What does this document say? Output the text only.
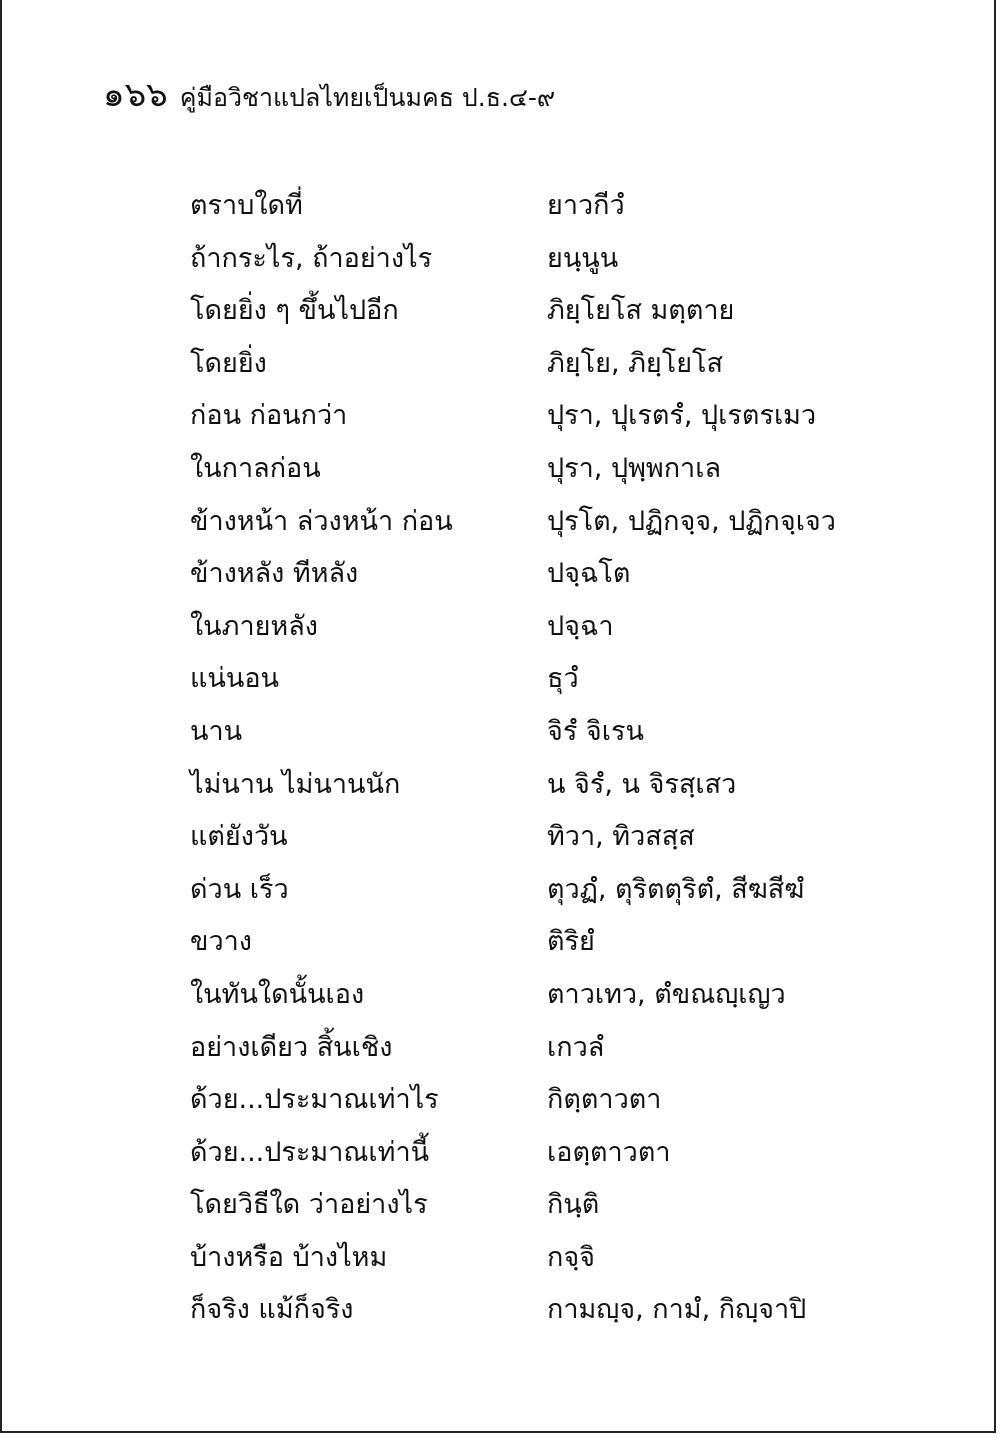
๑๖๖ คู่มือวิชาแปลไทยเป็นมคธ ป.ธ.๔-๙
ตราบใดที่	ยาวกีวํ
ถ้ากระไร, ถ้าอย่างไร	ยนฺนูน
โดยยิ่ง ๆ ขึ้นไปอีก	ภิยฺโยโส มตฺตาย
โดยยิ่ง	ภิยฺโย, ภิยฺโยโส
ก่อน ก่อนกว่า	ปุรา, ปุเรตรํ, ปุเรตรเมว
ในกาลก่อน	ปุรา, ปุพฺพกาเล
ข้างหน้า ล่วงหน้า ก่อน	ปุรโต, ปฏิกจฺจ, ปฏิกจฺเจว
ข้างหลัง ทีหลัง	ปจฺฉโต
ในภายหลัง	ปจฺฉา
แน่นอน	ธุวํ
นาน	จิรํ จิเรน
ไม่นาน ไม่นานนัก	น จิรํ, น จิรสฺเสว
แต่ยังวัน	ทิวา, ทิวสสฺส
ด่วน เร็ว	ตุวฏํ, ตุริตตุริตํ, สีฆสีฆํ
ขวาง	ติริยํ
ในทันใดนั้นเอง	ตาวเทว, ตํขณญฺเญว
อย่างเดียว สิ้นเชิง	เกวลํ
ด้วย...ประมาณเท่าไร	กิตฺตาวตา
ด้วย...ประมาณเท่านี้	เอตฺตาวตา
โดยวิธีใด ว่าอย่างไร	กินฺติ
บ้างหรือ บ้างไหม	กจฺจิ
ก็จริง แม้ก็จริง	กามญฺจ, กามํ, กิญฺจาปิ
